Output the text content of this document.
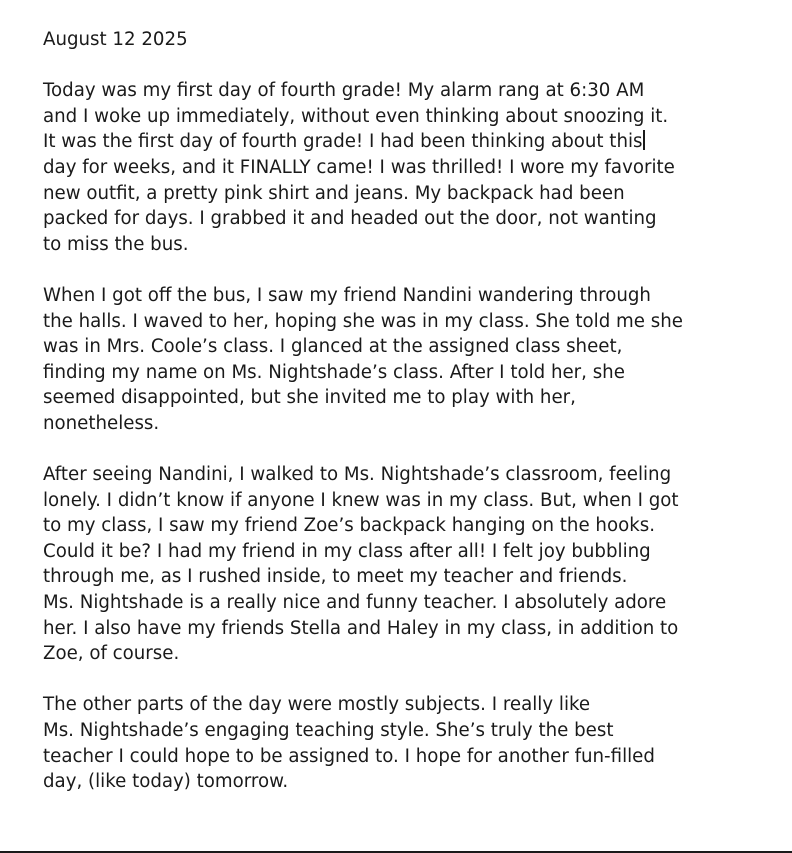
August 12 2025
Today was my first day of fourth grade! My alarm rang at 6:30 AM
and I woke up immediately, without even thinking about snoozing it.
It was the first day of fourth grade! I had been thinking about this
day for weeks, and it FINALLY came! I was thrilled! I wore my favorite
new outfit, a pretty pink shirt and jeans. My backpack had been
packed for days. I grabbed it and headed out the door, not wanting
to miss the bus.
When I got off the bus, I saw my friend Nandini wandering through
the halls. I waved to her, hoping she was in my class. She told me she
was in Mrs. Coole’s class. I glanced at the assigned class sheet,
finding my name on Ms. Nightshade’s class. After I told her, she
seemed disappointed, but she invited me to play with her,
nonetheless.
After seeing Nandini, I walked to Ms. Nightshade’s classroom, feeling
lonely. I didn’t know if anyone I knew was in my class. But, when I got
to my class, I saw my friend Zoe’s backpack hanging on the hooks.
Could it be? I had my friend in my class after all! I felt joy bubbling
through me, as I rushed inside, to meet my teacher and friends.
Ms. Nightshade is a really nice and funny teacher. I absolutely adore
her. I also have my friends Stella and Haley in my class, in addition to
Zoe, of course.
The other parts of the day were mostly subjects. I really like
Ms. Nightshade’s engaging teaching style. She’s truly the best
teacher I could hope to be assigned to. I hope for another fun-filled
day, (like today) tomorrow.
